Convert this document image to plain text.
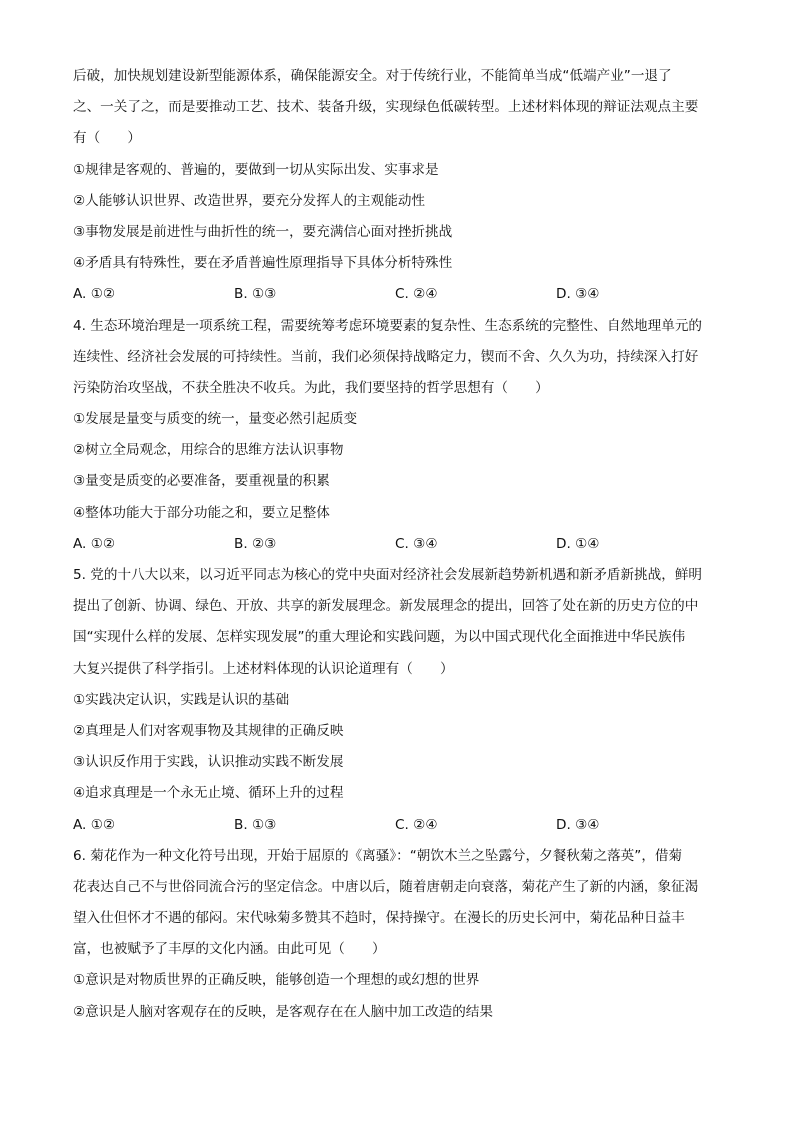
后破，加快规划建设新型能源体系，确保能源安全。对于传统行业，不能简单当成“低端产业”一退了
之、一关了之，而是要推动工艺、技术、装备升级，实现绿色低碳转型。上述材料体现的辩证法观点主要
有（　　）
①规律是客观的、普遍的，要做到一切从实际出发、实事求是
②人能够认识世界、改造世界，要充分发挥人的主观能动性
③事物发展是前进性与曲折性的统一，要充满信心面对挫折挑战
④矛盾具有特殊性，要在矛盾普遍性原理指导下具体分析特殊性
A. ①②	B. ①③	C. ②④	D. ③④
4. 生态环境治理是一项系统工程，需要统筹考虑环境要素的复杂性、生态系统的完整性、自然地理单元的
连续性、经济社会发展的可持续性。当前，我们必须保持战略定力，锲而不舍、久久为功，持续深入打好
污染防治攻坚战，不获全胜决不收兵。为此，我们要坚持的哲学思想有（　　）
①发展是量变与质变的统一，量变必然引起质变
②树立全局观念，用综合的思维方法认识事物
③量变是质变的必要准备，要重视量的积累
④整体功能大于部分功能之和，要立足整体
A. ①②	B. ②③	C. ③④	D. ①④
5. 党的十八大以来，以习近平同志为核心的党中央面对经济社会发展新趋势新机遇和新矛盾新挑战，鲜明
提出了创新、协调、绿色、开放、共享的新发展理念。新发展理念的提出，回答了处在新的历史方位的中
国“实现什么样的发展、怎样实现发展”的重大理论和实践问题，为以中国式现代化全面推进中华民族伟
大复兴提供了科学指引。上述材料体现的认识论道理有（　　）
①实践决定认识，实践是认识的基础
②真理是人们对客观事物及其规律的正确反映
③认识反作用于实践，认识推动实践不断发展
④追求真理是一个永无止境、循环上升的过程
A. ①②	B. ①③	C. ②④	D. ③④
6. 菊花作为一种文化符号出现，开始于屈原的《离骚》：“朝饮木兰之坠露兮，夕餐秋菊之落英”，借菊
花表达自己不与世俗同流合污的坚定信念。中唐以后，随着唐朝走向衰落，菊花产生了新的内涵，象征渴
望入仕但怀才不遇的郁闷。宋代咏菊多赞其不趋时，保持操守。在漫长的历史长河中，菊花品种日益丰
富，也被赋予了丰厚的文化内涵。由此可见（　　）
①意识是对物质世界的正确反映，能够创造一个理想的或幻想的世界
②意识是人脑对客观存在的反映，是客观存在在人脑中加工改造的结果
